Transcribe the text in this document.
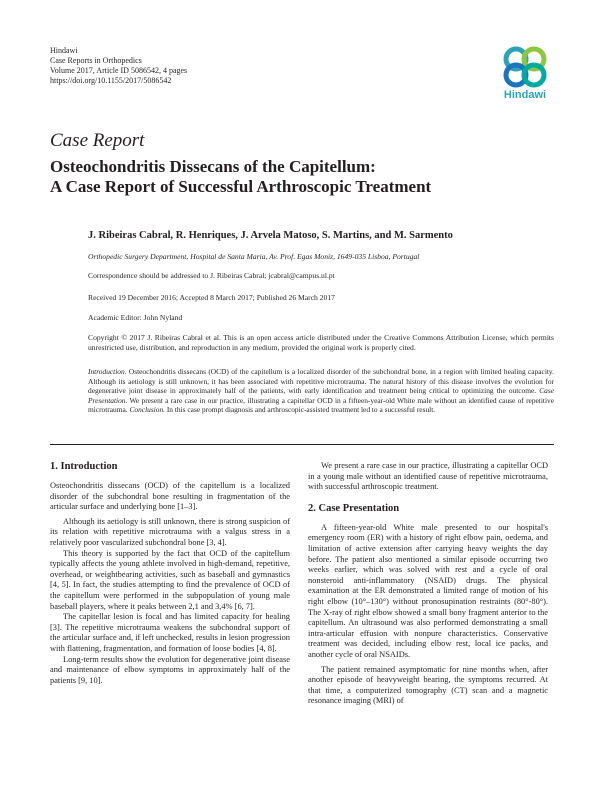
Hindawi
Case Reports in Orthopedics
Volume 2017, Article ID 5086542, 4 pages
https://doi.org/10.1155/2017/5086542
Hindawi
Case Report
Osteochondritis Dissecans of the Capitellum:
A Case Report of Successful Arthroscopic Treatment
J. Ribeiras Cabral, R. Henriques, J. Arvela Matoso, S. Martins, and M. Sarmento
Orthopedic Surgery Department, Hospital de Santa Maria, Av. Prof. Egas Moniz, 1649-035 Lisboa, Portugal
Correspondence should be addressed to J. Ribeiras Cabral; jcabral@campus.ul.pt
Received 19 December 2016; Accepted 8 March 2017; Published 26 March 2017
Academic Editor: John Nyland
Copyright © 2017 J. Ribeiras Cabral et al. This is an open access article distributed under the Creative Commons Attribution License, which permits unrestricted use, distribution, and reproduction in any medium, provided the original work is properly cited.
Introduction. Osteochondritis dissecans (OCD) of the capitellum is a localized disorder of the subchondral bone, in a region with limited healing capacity. Although its aetiology is still unknown, it has been associated with repetitive microtrauma. The natural history of this disease involves the evolution for degenerative joint disease in approximately half of the patients, with early identification and treatment being critical to optimizing the outcome. Case Presentation. We present a rare case in our practice, illustrating a capitellar OCD in a fifteen-year-old White male without an identified cause of repetitive microtrauma. Conclusion. In this case prompt diagnosis and arthroscopic-assisted treatment led to a successful result.
1. Introduction

Osteochondritis dissecans (OCD) of the capitellum is a localized disorder of the subchondral bone resulting in fragmentation of the articular surface and underlying bone [1–3].

Although its aetiology is still unknown, there is strong suspicion of its relation with repetitive microtrauma with a valgus stress in a relatively poor vascularized subchondral bone [3, 4].

This theory is supported by the fact that OCD of the capitellum typically affects the young athlete involved in high-demand, repetitive, overhead, or weightbearing activities, such as baseball and gymnastics [4, 5]. In fact, the studies attempting to find the prevalence of OCD of the capitellum were performed in the subpopulation of young male baseball players, where it peaks between 2,1 and 3,4% [6, 7].

The capitellar lesion is focal and has limited capacity for healing [3]. The repetitive microtrauma weakens the subchondral support of the articular surface and, if left unchecked, results in lesion progression with flattening, fragmentation, and formation of loose bodies [4, 8].

Long-term results show the evolution for degenerative joint disease and maintenance of elbow symptoms in approximately half of the patients [9, 10].

We present a rare case in our practice, illustrating a capitellar OCD in a young male without an identified cause of repetitive microtrauma, with successful arthroscopic treatment.

2. Case Presentation

A fifteen-year-old White male presented to our hospital's emergency room (ER) with a history of right elbow pain, oedema, and limitation of active extension after carrying heavy weights the day before. The patient also mentioned a similar episode occurring two weeks earlier, which was solved with rest and a cycle of oral nonsteroid anti-inflammatory (NSAID) drugs. The physical examination at the ER demonstrated a limited range of motion of his right elbow (10°–130°) without pronosupination restraints (80°-80°). The X-ray of right elbow showed a small bony fragment anterior to the capitellum. An ultrasound was also performed demonstrating a small intra-articular effusion with nonpure characteristics. Conservative treatment was decided, including elbow rest, local ice packs, and another cycle of oral NSAIDs.

The patient remained asymptomatic for nine months when, after another episode of heavyweight bearing, the symptoms recurred. At that time, a computerized tomography (CT) scan and a magnetic resonance imaging (MRI) of
